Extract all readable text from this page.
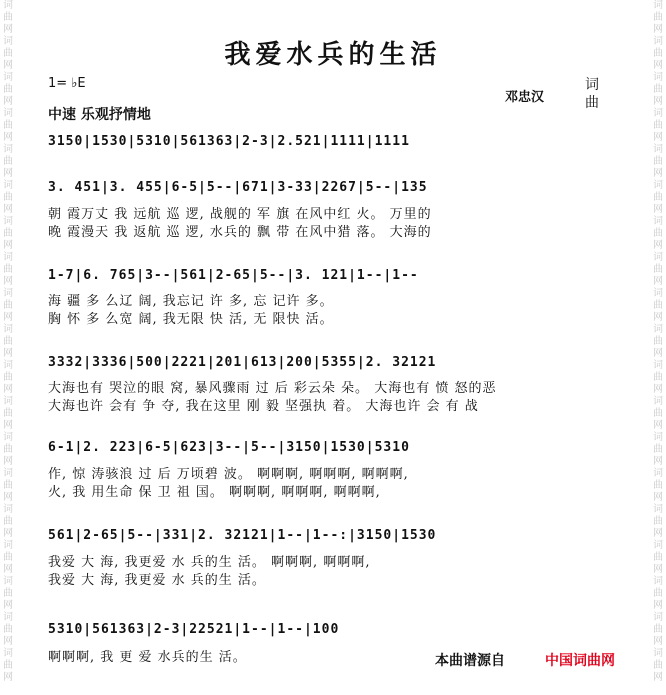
词曲网词曲网词曲网词曲网词曲网词曲网词曲网词曲网词曲网词曲网词曲网词曲网词曲网词曲网词曲网词曲网词曲网词曲网词曲网
词曲网词曲网词曲网词曲网词曲网词曲网词曲网词曲网词曲网词曲网词曲网词曲网词曲网词曲网词曲网词曲网词曲网词曲网词曲网
我爱水兵的生活
1= ♭E
邓忠汉
词曲
中速 乐观抒情地
3150|1530|5310|561363|2-3|2.521|1111|1111
3. 451|3. 455|6-5|5--|671|3-33|2267|5--|135
朝 霞万丈 我 远航 巡 逻, 战舰的 军 旗 在风中红 火。 万里的
晚 霞漫天 我 返航 巡 逻, 水兵的 飘 带 在风中猎 落。 大海的
1-7|6. 765|3--|561|2-65|5--|3. 121|1--|1--
海 疆 多 么辽 阔, 我忘记 许 多, 忘 记许 多。
胸 怀 多 么宽 阔, 我无限 快 活, 无 限快 活。
3332|3336|500|2221|201|613|200|5355|2. 32121
大海也有 哭泣的眼 窝, 暴风骤雨 过 后 彩云朵 朵。 大海也有 愤 怒的恶
大海也许 会有 争 夺, 我在这里 刚 毅 坚强执 着。 大海也许 会 有 战
6-1|2. 223|6-5|623|3--|5--|3150|1530|5310
作, 惊 涛骇浪 过 后 万顷碧 波。 啊啊啊, 啊啊啊, 啊啊啊,
火, 我 用生命 保 卫 祖 国。 啊啊啊, 啊啊啊, 啊啊啊,
561|2-65|5--|331|2. 32121|1--|1--:|3150|1530
我爱 大 海, 我更爱 水 兵的生 活。 啊啊啊, 啊啊啊,
我爱 大 海, 我更爱 水 兵的生 活。
5310|561363|2-3|22521|1--|1--|100
啊啊啊, 我 更 爱 水兵的生 活。	本曲谱源自	中国词曲网
